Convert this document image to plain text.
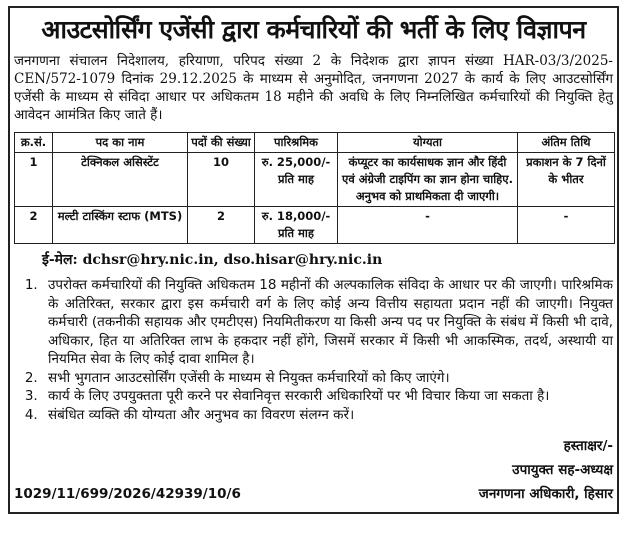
आउटसोर्सिंग एजेंसी द्वारा कर्मचारियों की भर्ती के लिए विज्ञापन
जनगणना संचालन निदेशालय, हरियाणा, परिपद संख्या 2 के निदेशक द्वारा ज्ञापन संख्या HAR-03/3/2025-CEN/572-1079 दिनांक 29.12.2025 के माध्यम से अनुमोदित, जनगणना 2027 के कार्य के लिए आउटसोर्सिंग एजेंसी के माध्यम से संविदा आधार पर अधिकतम 18 महीने की अवधि के लिए निम्नलिखित कर्मचारियों की नियुक्ति हेतु आवेदन आमंत्रित किए जाते हैं।
क्र.सं.	पद का नाम	पदों की संख्या	पारिश्रमिक	योग्यता	अंतिम तिथि
1	टेक्निकल असिस्टेंट	10	रु. 25,000/- प्रति माह	कंप्यूटर का कार्यसाधक ज्ञान और हिंदी एवं अंग्रेजी टाइपिंग का ज्ञान होना चाहिए. अनुभव को प्राथमिकता दी जाएगी।	प्रकाशन के 7 दिनों के भीतर
2	मल्टी टास्किंग स्टाफ (MTS)	2	रु. 18,000/- प्रति माह	-	-
ई-मेल: dchsr@hry.nic.in, dso.hisar@hry.nic.in
1. उपरोक्त कर्मचारियों की नियुक्ति अधिकतम 18 महीनों की अल्पकालिक संविदा के आधार पर की जाएगी। पारिश्रमिक के अतिरिक्त, सरकार द्वारा इस कर्मचारी वर्ग के लिए कोई अन्य वित्तीय सहायता प्रदान नहीं की जाएगी। नियुक्त कर्मचारी (तकनीकी सहायक और एमटीएस) नियमितीकरण या किसी अन्य पद पर नियुक्ति के संबंध में किसी भी दावे, अधिकार, हित या अतिरिक्त लाभ के हकदार नहीं होंगे, जिसमें सरकार में किसी भी आकस्मिक, तदर्थ, अस्थायी या नियमित सेवा के लिए कोई दावा शामिल है।
2. सभी भुगतान आउटसोर्सिंग एजेंसी के माध्यम से नियुक्त कर्मचारियों को किए जाएंगे।
3. कार्य के लिए उपयुक्तता पूरी करने पर सेवानिवृत्त सरकारी अधिकारियों पर भी विचार किया जा सकता है।
4. संबंधित व्यक्ति की योग्यता और अनुभव का विवरण संलग्न करें।
हस्ताक्षर/-
उपायुक्त सह-अध्यक्ष
1029/11/699/2026/42939/10/6	जनगणना अधिकारी, हिसार
